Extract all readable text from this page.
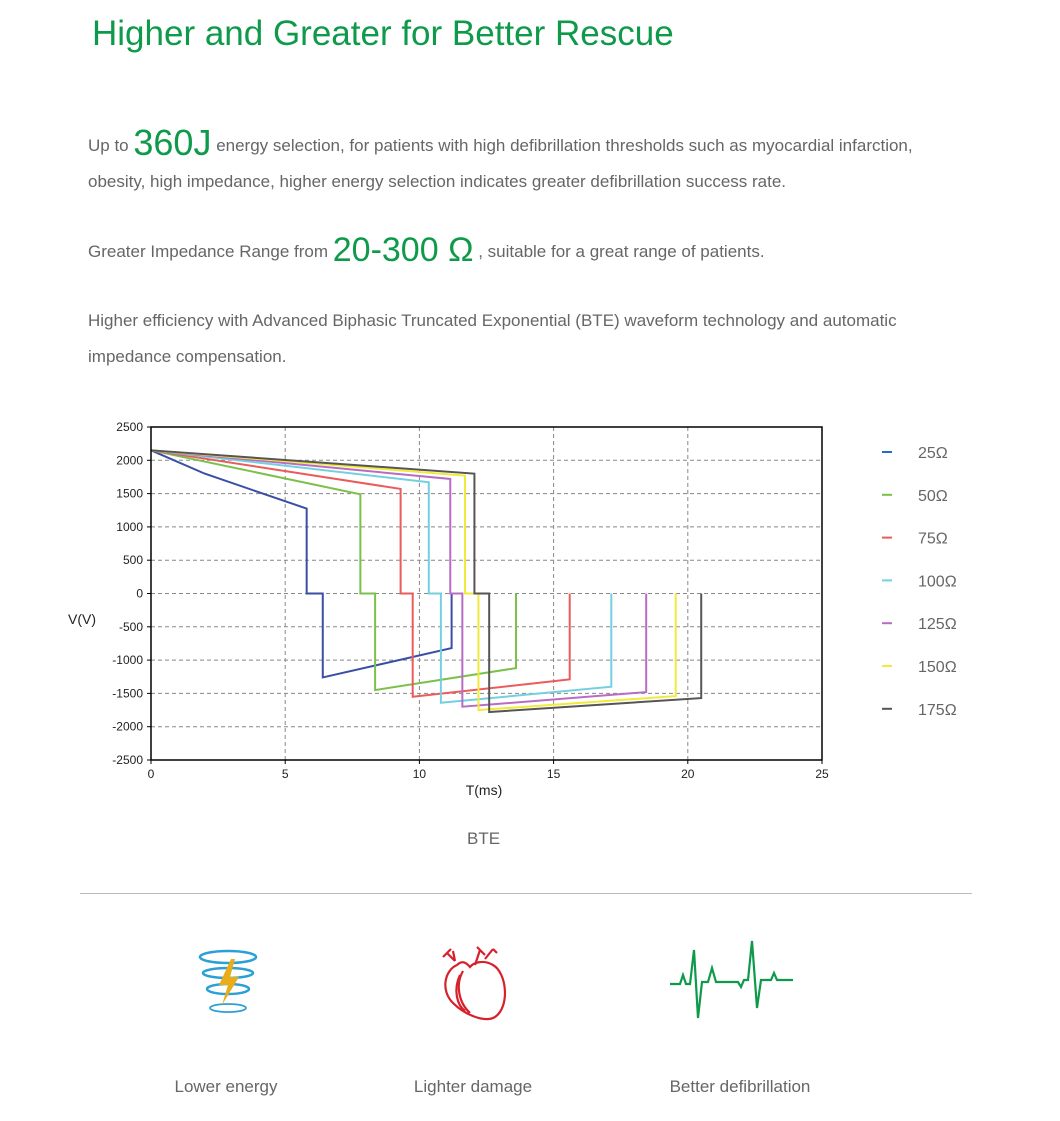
Higher and Greater for Better Rescue
Up to 360J energy selection, for patients with high defibrillation thresholds such as myocardial infarction, obesity, high impedance, higher energy selection indicates greater defibrillation success rate.
Greater Impedance Range from 20-300 Ω , suitable for a great range of patients.
Higher efficiency with Advanced Biphasic Truncated Exponential (BTE) waveform technology and automatic impedance compensation.
2500
2000
1500
1000
500
0
-500
-1000
-1500
-2000
-2500
0	5	10	15	20	25
25Ω
50Ω
75Ω
100Ω
125Ω
150Ω
175Ω
T(ms)
V(V)
BTE
Lower energy	Lighter damage	Better defibrillation
